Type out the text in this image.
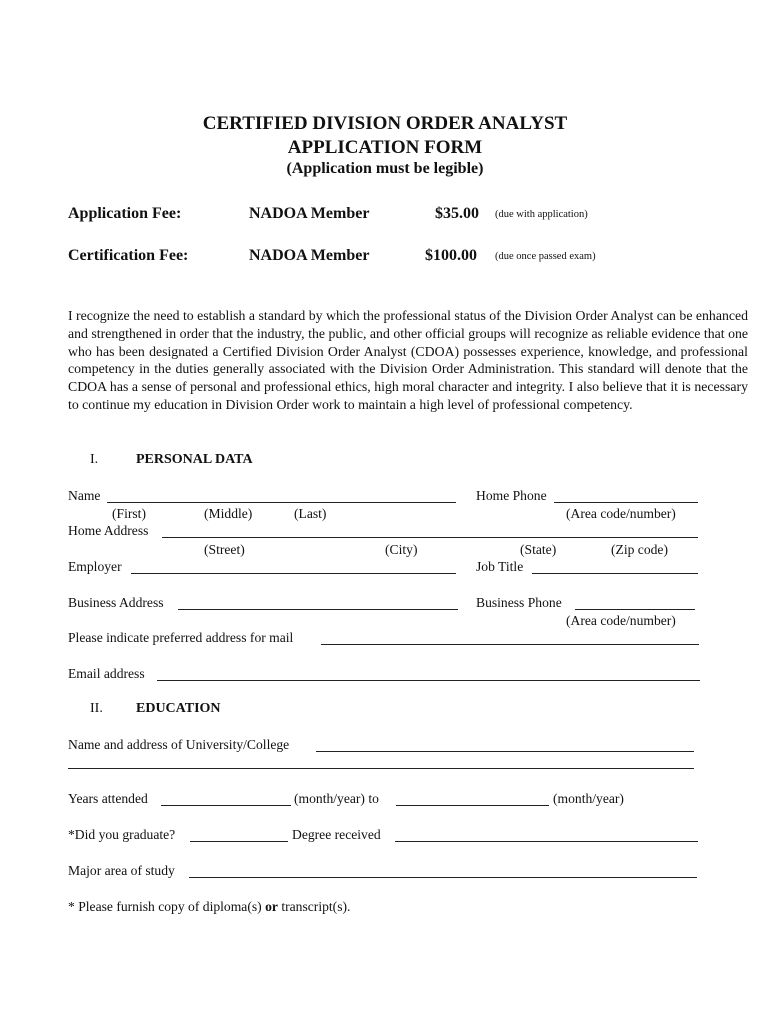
CERTIFIED DIVISION ORDER ANALYST
APPLICATION FORM
(Application must be legible)
Application Fee:	NADOA Member	$35.00 (due with application)
Certification Fee:	NADOA Member	$100.00 (due once passed exam)
I recognize the need to establish a standard by which the professional status of the Division Order Analyst can be enhanced and strengthened in order that the industry, the public, and other official groups will recognize as reliable evidence that one who has been designated a Certified Division Order Analyst (CDOA) possesses experience, knowledge, and professional competency in the duties generally associated with the Division Order Administration. This standard will denote that the CDOA has a sense of personal and professional ethics, high moral character and integrity. I also believe that it is necessary to continue my education in Division Order work to maintain a high level of professional competency.
I.	PERSONAL DATA
Name	Home Phone
(First)	(Middle)	(Last)	(Area code/number)
Home Address
(Street)	(City)	(State)	(Zip code)
Employer	Job Title
Business Address	Business Phone
(Area code/number)
Please indicate preferred address for mail
Email address
II. EDUCATION
Name and address of University/College
Years attended	(month/year) to	(month/year)
*Did you graduate?	Degree received
Major area of study
* Please furnish copy of diploma(s) or transcript(s).
